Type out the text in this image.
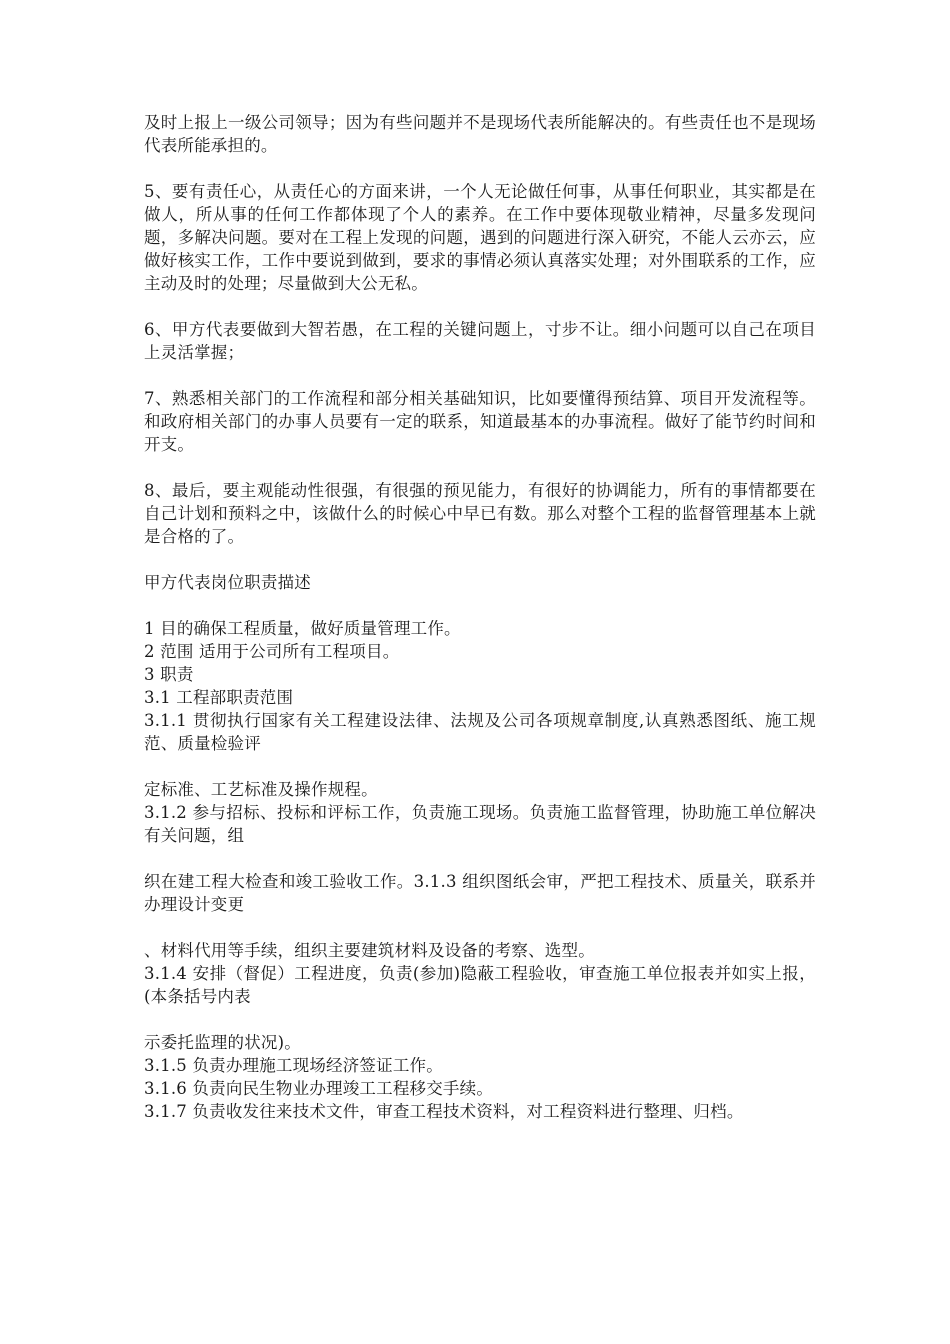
及时上报上一级公司领导；因为有些问题并不是现场代表所能解决的。有些责任也不是现场代表所能承担的。

5、要有责任心，从责任心的方面来讲，一个人无论做任何事，从事任何职业，其实都是在做人，所从事的任何工作都体现了个人的素养。在工作中要体现敬业精神，尽量多发现问题，多解决问题。要对在工程上发现的问题，遇到的问题进行深入研究，不能人云亦云，应做好核实工作，工作中要说到做到，要求的事情必须认真落实处理；对外围联系的工作，应主动及时的处理；尽量做到大公无私。

6、甲方代表要做到大智若愚，在工程的关键问题上，寸步不让。细小问题可以自己在项目上灵活掌握；

7、熟悉相关部门的工作流程和部分相关基础知识，比如要懂得预结算、项目开发流程等。和政府相关部门的办事人员要有一定的联系，知道最基本的办事流程。做好了能节约时间和开支。

8、最后，要主观能动性很强，有很强的预见能力，有很好的协调能力，所有的事情都要在自己计划和预料之中，该做什么的时候心中早已有数。那么对整个工程的监督管理基本上就是合格的了。

甲方代表岗位职责描述

1 目的确保工程质量，做好质量管理工作。

2 范围 适用于公司所有工程项目。

3 职责

3.1 工程部职责范围

3.1.1 贯彻执行国家有关工程建设法律、法规及公司各项规章制度,认真熟悉图纸、施工规范、质量检验评

定标准、工艺标准及操作规程。

3.1.2 参与招标、投标和评标工作，负责施工现场。负责施工监督管理，协助施工单位解决有关问题，组

织在建工程大检查和竣工验收工作。3.1.3 组织图纸会审，严把工程技术、质量关，联系并办理设计变更

、材料代用等手续，组织主要建筑材料及设备的考察、选型。

3.1.4 安排（督促）工程进度，负责(参加)隐蔽工程验收，审查施工单位报表并如实上报，(本条括号内表

示委托监理的状况)。

3.1.5 负责办理施工现场经济签证工作。

3.1.6 负责向民生物业办理竣工工程移交手续。

3.1.7 负责收发往来技术文件，审查工程技术资料，对工程资料进行整理、归档。
